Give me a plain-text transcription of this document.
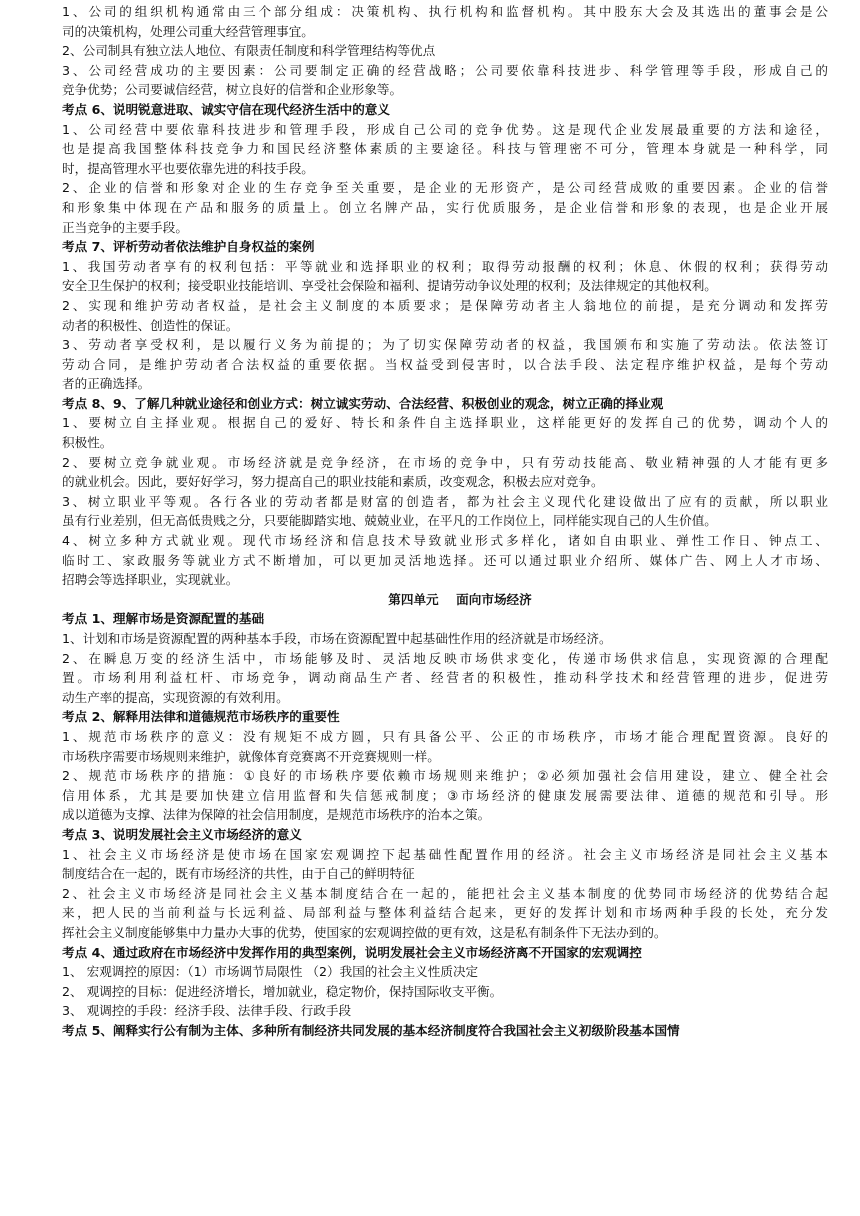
1、公司的组织机构通常由三个部分组成：决策机构、执行机构和监督机构。其中股东大会及其选出的董事会是公
司的决策机构，处理公司重大经营管理事宜。
2、公司制具有独立法人地位、有限责任制度和科学管理结构等优点
3、公司经营成功的主要因素：公司要制定正确的经营战略；公司要依靠科技进步、科学管理等手段，形成自己的
竞争优势；公司要诚信经营，树立良好的信誉和企业形象等。
考点 6、说明锐意进取、诚实守信在现代经济生活中的意义
1、公司经营中要依靠科技进步和管理手段，形成自己公司的竞争优势。这是现代企业发展最重要的方法和途径，
也是提高我国整体科技竞争力和国民经济整体素质的主要途径。科技与管理密不可分，管理本身就是一种科学，同
时，提高管理水平也要依靠先进的科技手段。
2、企业的信誉和形象对企业的生存竞争至关重要，是企业的无形资产，是公司经营成败的重要因素。企业的信誉
和形象集中体现在产品和服务的质量上。创立名牌产品，实行优质服务，是企业信誉和形象的表现，也是企业开展
正当竞争的主要手段。
考点 7、评析劳动者依法维护自身权益的案例
1、我国劳动者享有的权利包括：平等就业和选择职业的权利；取得劳动报酬的权利；休息、休假的权利；获得劳动
安全卫生保护的权利；接受职业技能培训、享受社会保险和福利、提请劳动争议处理的权利；及法律规定的其他权利。
2、实现和维护劳动者权益，是社会主义制度的本质要求；是保障劳动者主人翁地位的前提，是充分调动和发挥劳
动者的积极性、创造性的保证。
3、劳动者享受权利，是以履行义务为前提的；为了切实保障劳动者的权益，我国颁布和实施了劳动法。依法签订
劳动合同，是维护劳动者合法权益的重要依据。当权益受到侵害时，以合法手段、法定程序维护权益，是每个劳动
者的正确选择。
考点 8、9、了解几种就业途径和创业方式：树立诚实劳动、合法经营、积极创业的观念，树立正确的择业观
1、要树立自主择业观。根据自己的爱好、特长和条件自主选择职业，这样能更好的发挥自己的优势，调动个人的
积极性。
2、要树立竞争就业观。市场经济就是竞争经济，在市场的竞争中，只有劳动技能高、敬业精神强的人才能有更多
的就业机会。因此，要好好学习，努力提高自己的职业技能和素质，改变观念，积极去应对竞争。
3、树立职业平等观。各行各业的劳动者都是财富的创造者，都为社会主义现代化建设做出了应有的贡献，所以职业
虽有行业差别，但无高低贵贱之分，只要能脚踏实地、兢兢业业，在平凡的工作岗位上，同样能实现自己的人生价值。
4、树立多种方式就业观。现代市场经济和信息技术导致就业形式多样化，诸如自由职业、弹性工作日、钟点工、
临时工、家政服务等就业方式不断增加，可以更加灵活地选择。还可以通过职业介绍所、媒体广告、网上人才市场、
招聘会等选择职业，实现就业。
第四单元    面向市场经济
考点 1、理解市场是资源配置的基础
1、计划和市场是资源配置的两种基本手段，市场在资源配置中起基础性作用的经济就是市场经济。
2、在瞬息万变的经济生活中，市场能够及时、灵活地反映市场供求变化，传递市场供求信息，实现资源的合理配
置。市场利用利益杠杆、市场竞争，调动商品生产者、经营者的积极性，推动科学技术和经营管理的进步，促进劳
动生产率的提高，实现资源的有效利用。
考点 2、解释用法律和道德规范市场秩序的重要性
1、规范市场秩序的意义：没有规矩不成方圆，只有具备公平、公正的市场秩序，市场才能合理配置资源。良好的
市场秩序需要市场规则来维护，就像体育竞赛离不开竞赛规则一样。
2、规范市场秩序的措施：①良好的市场秩序要依赖市场规则来维护；②必须加强社会信用建设，建立、健全社会
信用体系，尤其是要加快建立信用监督和失信惩戒制度；③市场经济的健康发展需要法律、道德的规范和引导。形
成以道德为支撑、法律为保障的社会信用制度，是规范市场秩序的治本之策。
考点 3、说明发展社会主义市场经济的意义
1、社会主义市场经济是使市场在国家宏观调控下起基础性配置作用的经济。社会主义市场经济是同社会主义基本
制度结合在一起的，既有市场经济的共性，由于自己的鲜明特征
2、社会主义市场经济是同社会主义基本制度结合在一起的，能把社会主义基本制度的优势同市场经济的优势结合起
来，把人民的当前利益与长远利益、局部利益与整体利益结合起来，更好的发挥计划和市场两种手段的长处，充分发
挥社会主义制度能够集中力量办大事的优势，使国家的宏观调控做的更有效，这是私有制条件下无法办到的。
考点 4、通过政府在市场经济中发挥作用的典型案例，说明发展社会主义市场经济离不开国家的宏观调控
1、 宏观调控的原因：（1）市场调节局限性 （2）我国的社会主义性质决定
2、 观调控的目标：促进经济增长，增加就业，稳定物价，保持国际收支平衡。
3、 观调控的手段：经济手段、法律手段、行政手段
考点 5、阐释实行公有制为主体、多种所有制经济共同发展的基本经济制度符合我国社会主义初级阶段基本国情
